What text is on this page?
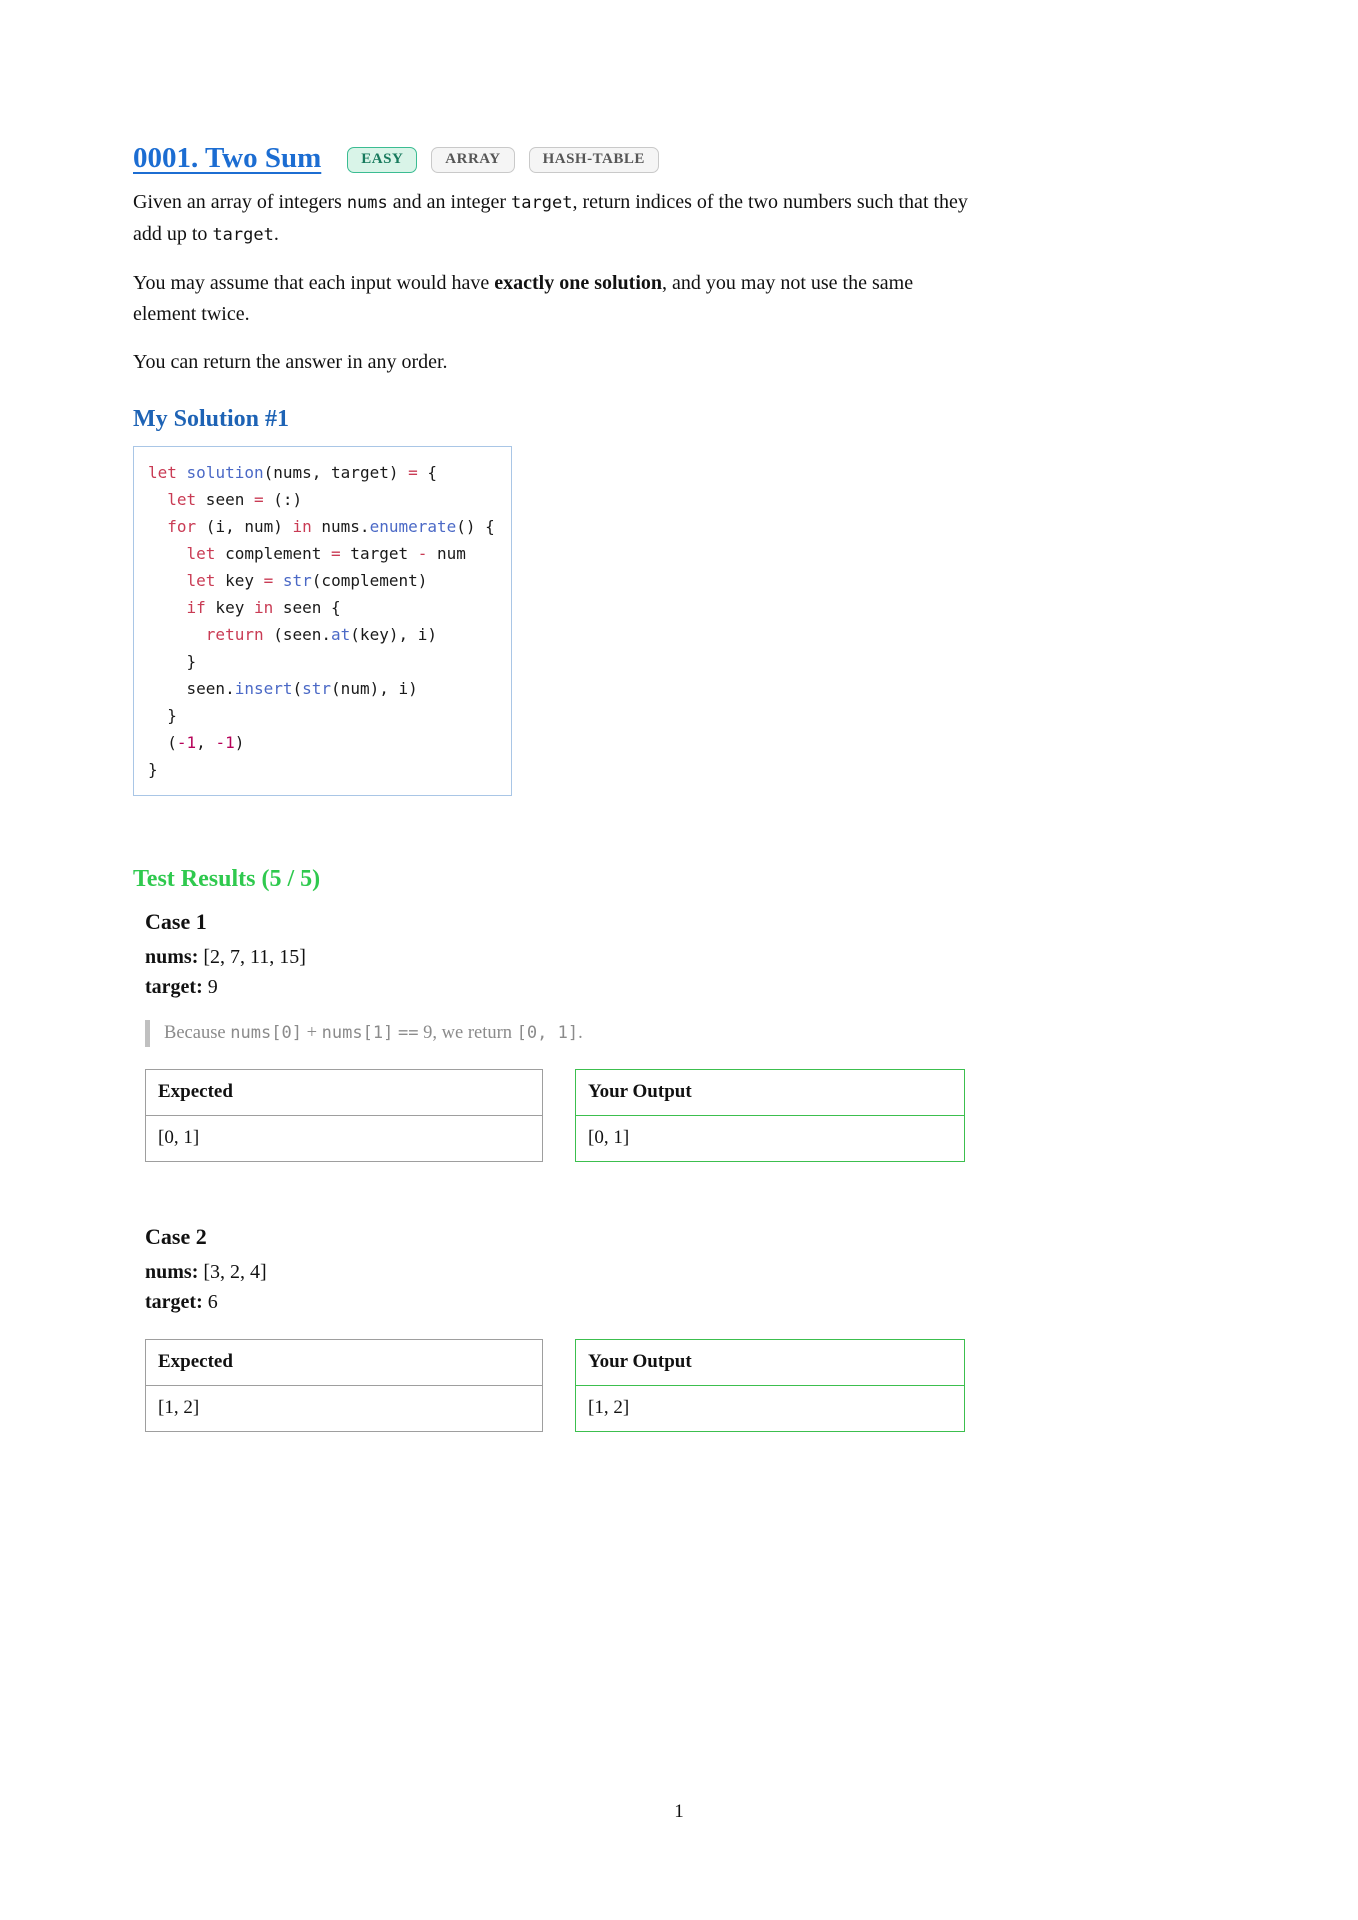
0001. Two Sum	EASY	ARRAY	HASH-TABLE
Given an array of integers nums and an integer target, return indices of the two numbers such that they add up to target.
You may assume that each input would have exactly one solution, and you may not use the same element twice.
You can return the answer in any order.
My Solution #1
let solution(nums, target) = {
let seen = (:)
for (i, num) in nums.enumerate() {
let complement = target - num
let key = str(complement)
if key in seen {
return (seen.at(key), i)
}
seen.insert(str(num), i)
}
(-1, -1)
}
Test Results (5 / 5)
Case 1
nums: [2, 7, 11, 15]
target: 9
Because nums[0] + nums[1] == 9, we return [0, 1].
Expected
[0, 1]
Your Output
[0, 1]
Case 2
nums: [3, 2, 4]
target: 6
Expected
[1, 2]
Your Output
[1, 2]
1
